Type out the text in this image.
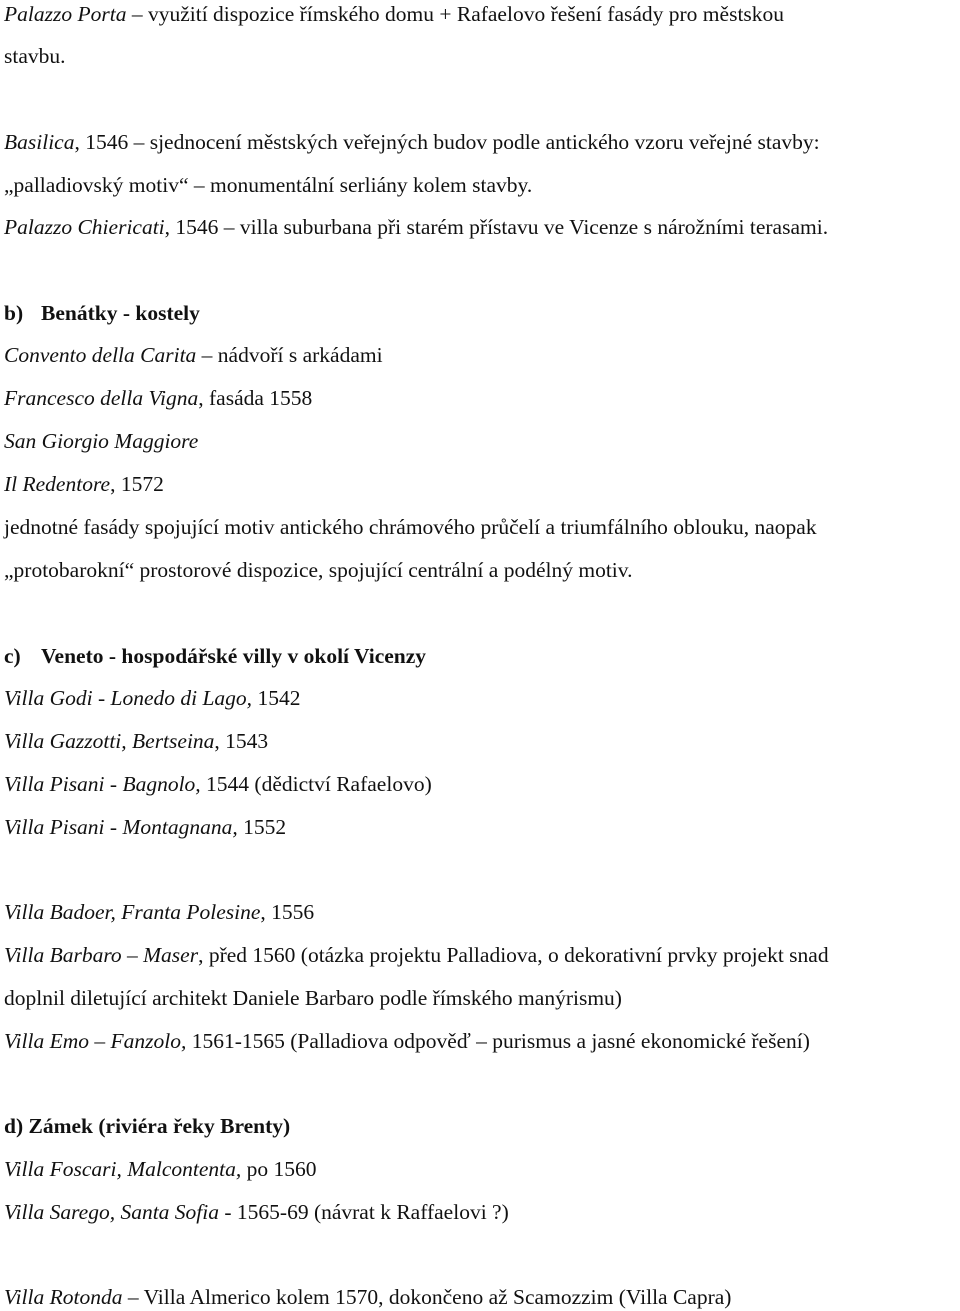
Palazzo Porta – využití dispozice římského domu + Rafaelovo řešení fasády pro městskou
stavbu.
Basilica, 1546 – sjednocení městských veřejných budov podle antického vzoru veřejné stavby:
„palladiovský motiv“ – monumentální serliány kolem stavby.
Palazzo Chiericati, 1546 – villa suburbana při starém přístavu ve Vicenze s nárožními terasami.
b) Benátky - kostely
Convento della Carita – nádvoří s arkádami
Francesco della Vigna, fasáda 1558
San Giorgio Maggiore
Il Redentore, 1572
jednotné fasády spojující motiv antického chrámového průčelí a triumfálního oblouku, naopak
„protobarokní“ prostorové dispozice, spojující centrální a podélný motiv.
c) Veneto - hospodářské villy v okolí Vicenzy
Villa Godi - Lonedo di Lago, 1542
Villa Gazzotti, Bertseina, 1543
Villa Pisani - Bagnolo, 1544 (dědictví Rafaelovo)
Villa Pisani - Montagnana, 1552
Villa Badoer, Franta Polesine, 1556
Villa Barbaro – Maser, před 1560 (otázka projektu Palladiova, o dekorativní prvky projekt snad
doplnil diletující architekt Daniele Barbaro podle římského manýrismu)
Villa Emo – Fanzolo, 1561-1565 (Palladiova odpověď – purismus a jasné ekonomické řešení)
d) Zámek (riviéra řeky Brenty)
Villa Foscari, Malcontenta, po 1560
Villa Sarego, Santa Sofia - 1565-69 (návrat k Raffaelovi ?)
Villa Rotonda – Villa Almerico kolem 1570, dokončeno až Scamozzim (Villa Capra)
